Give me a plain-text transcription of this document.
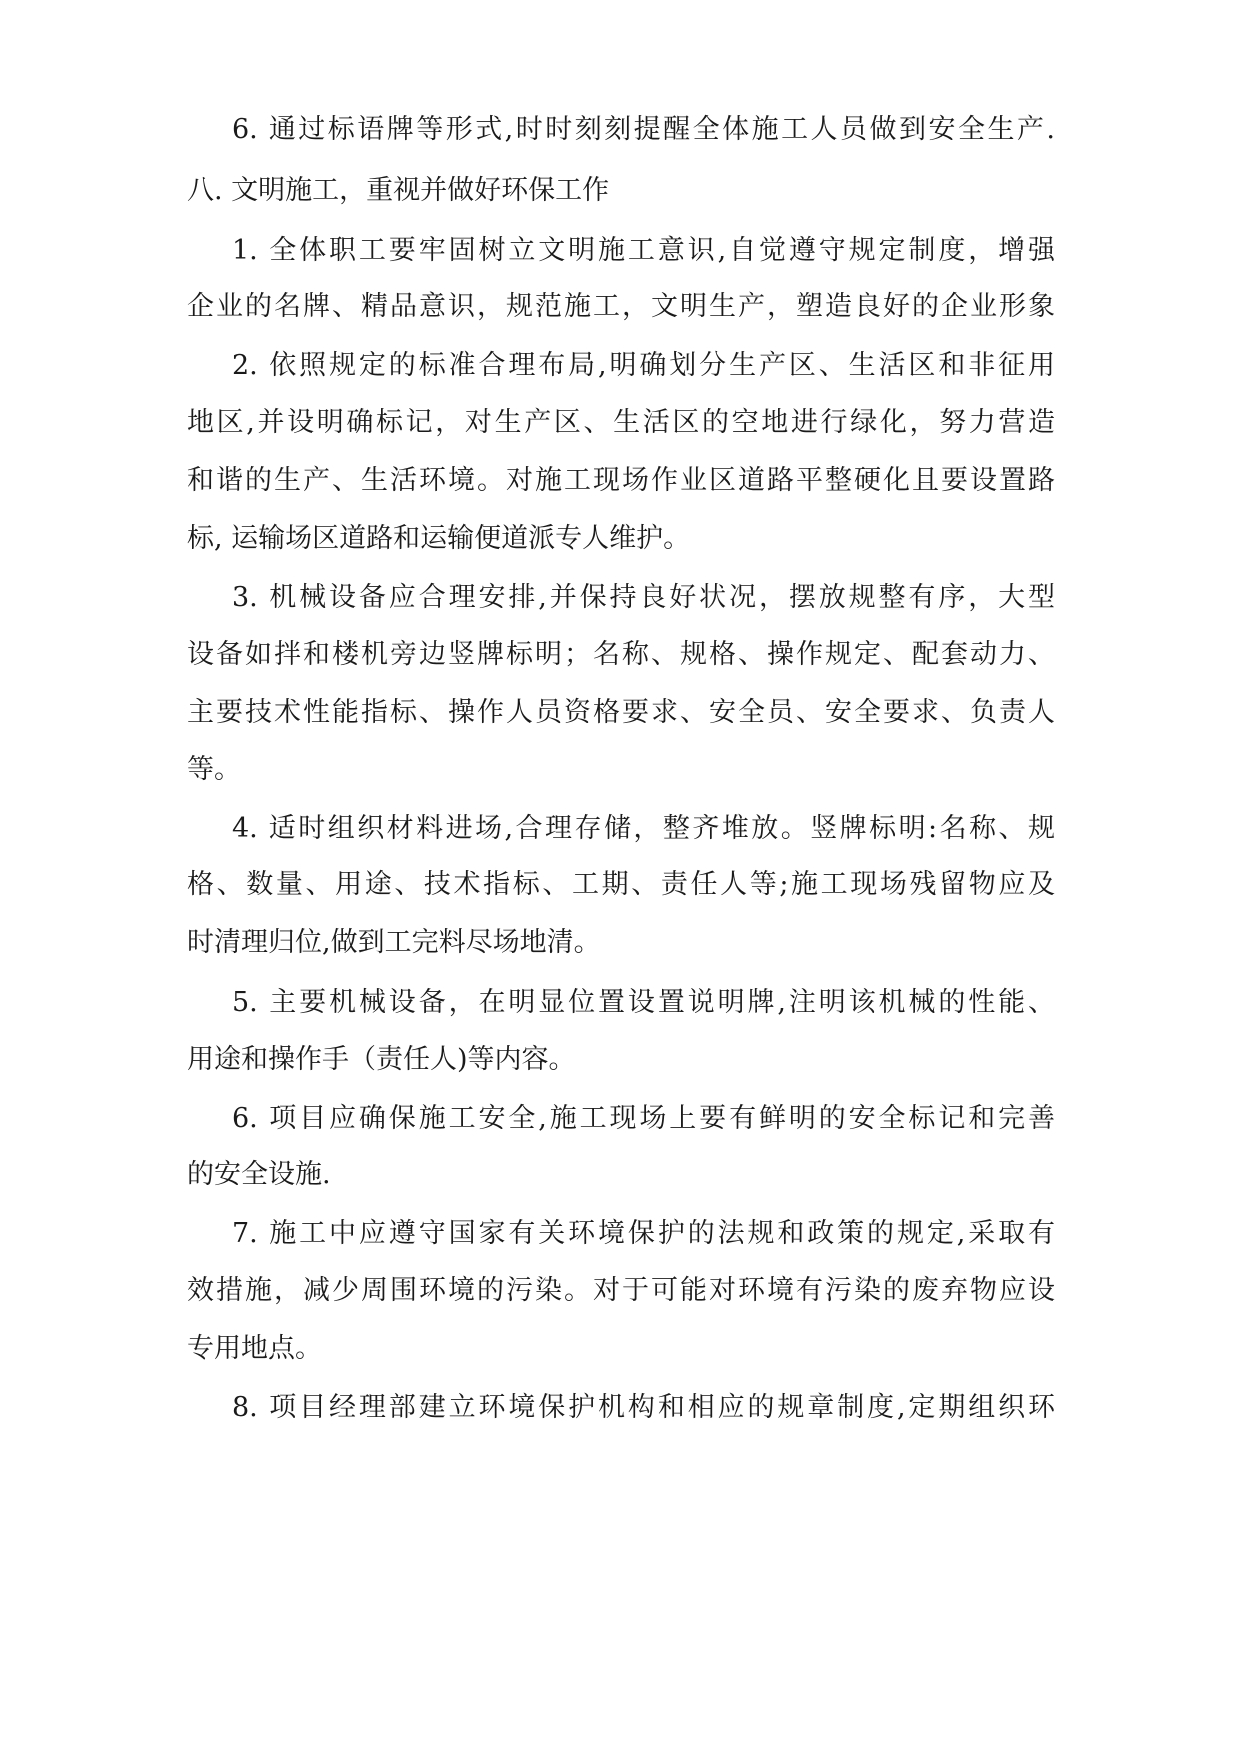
6. 通过标语牌等形式,时时刻刻提醒全体施工人员做到安全生产.
八. 文明施工，重视并做好环保工作
1. 全体职工要牢固树立文明施工意识,自觉遵守规定制度，增强
企业的名牌、精品意识，规范施工，文明生产，塑造良好的企业形象
2. 依照规定的标准合理布局,明确划分生产区、生活区和非征用
地区,并设明确标记，对生产区、生活区的空地进行绿化，努力营造
和谐的生产、生活环境。对施工现场作业区道路平整硬化且要设置路
标, 运输场区道路和运输便道派专人维护。
3. 机械设备应合理安排,并保持良好状况，摆放规整有序，大型
设备如拌和楼机旁边竖牌标明；名称、规格、操作规定、配套动力、
主要技术性能指标、操作人员资格要求、安全员、安全要求、负责人
等。
4. 适时组织材料进场,合理存储，整齐堆放。竖牌标明:名称、规
格、数量、用途、技术指标、工期、责任人等;施工现场残留物应及
时清理归位,做到工完料尽场地清。
5. 主要机械设备，在明显位置设置说明牌,注明该机械的性能、
用途和操作手（责任人)等内容。
6. 项目应确保施工安全,施工现场上要有鲜明的安全标记和完善
的安全设施.
7. 施工中应遵守国家有关环境保护的法规和政策的规定,采取有
效措施，减少周围环境的污染。对于可能对环境有污染的废弃物应设
专用地点。
8. 项目经理部建立环境保护机构和相应的规章制度,定期组织环
